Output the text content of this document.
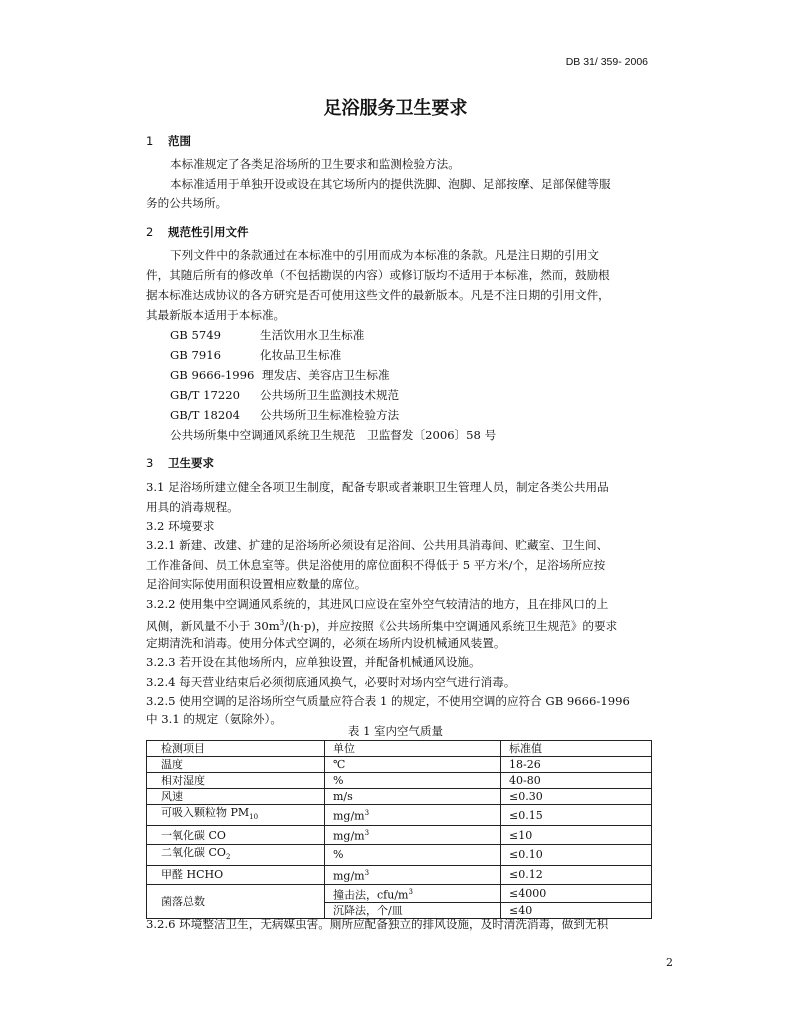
DB 31/ 359- 2006
足浴服务卫生要求
1 范围
本标准规定了各类足浴场所的卫生要求和监测检验方法。
本标准适用于单独开设或设在其它场所内的提供洗脚、泡脚、足部按摩、足部保健等服
务的公共场所。
2 规范性引用文件
下列文件中的条款通过在本标准中的引用而成为本标准的条款。凡是注日期的引用文
件，其随后所有的修改单（不包括勘误的内容）或修订版均不适用于本标准，然而，鼓励根
据本标准达成协议的各方研究是否可使用这些文件的最新版本。凡是不注日期的引用文件，
其最新版本适用于本标准。
GB 5749	生活饮用水卫生标准
GB 7916	化妆品卫生标准
GB 9666-1996 理发店、美容店卫生标准
GB/T 17220 公共场所卫生监测技术规范
GB/T 18204 公共场所卫生标准检验方法
公共场所集中空调通风系统卫生规范　卫监督发〔2006〕58 号
3 卫生要求
3.1 足浴场所建立健全各项卫生制度，配备专职或者兼职卫生管理人员，制定各类公共用品
用具的消毒规程。
3.2 环境要求
3.2.1 新建、改建、扩建的足浴场所必须设有足浴间、公共用具消毒间、贮藏室、卫生间、
工作准备间、员工休息室等。供足浴使用的席位面积不得低于 5 平方米/个，足浴场所应按
足浴间实际使用面积设置相应数量的席位。
3.2.2 使用集中空调通风系统的，其进风口应设在室外空气较清洁的地方，且在排风口的上
风侧，新风量不小于 $30m^3/(h\cdot p)$，并应按照《公共场所集中空调通风系统卫生规范》的要求
定期清洗和消毒。使用分体式空调的，必须在场所内设机械通风装置。
3.2.3 若开设在其他场所内，应单独设置，并配备机械通风设施。
3.2.4 每天营业结束后必须彻底通风换气，必要时对场内空气进行消毒。
3.2.5 使用空调的足浴场所空气质量应符合表 1 的规定，不使用空调的应符合 GB 9666-1996
中 3.1 的规定（氨除外）。
表 1 室内空气质量
检测项目	单位	标准值
温度	℃	18-26
相对湿度	%	40-80
风速	m/s	≤0.30
可吸入颗粒物 $PM_{10}$	$mg/m^3$	≤0.15
一氧化碳 CO	$mg/m^3$	≤10
二氧化碳 $CO_2$	%	≤0.10
甲醛 HCHO	$mg/m^3$	≤0.12
菌落总数	撞击法，cfu/$m^3$	≤4000
	沉降法，个/皿	≤40
3.2.6 环境整洁卫生，无病媒虫害。厕所应配备独立的排风设施，及时清洗消毒，做到无积
2
